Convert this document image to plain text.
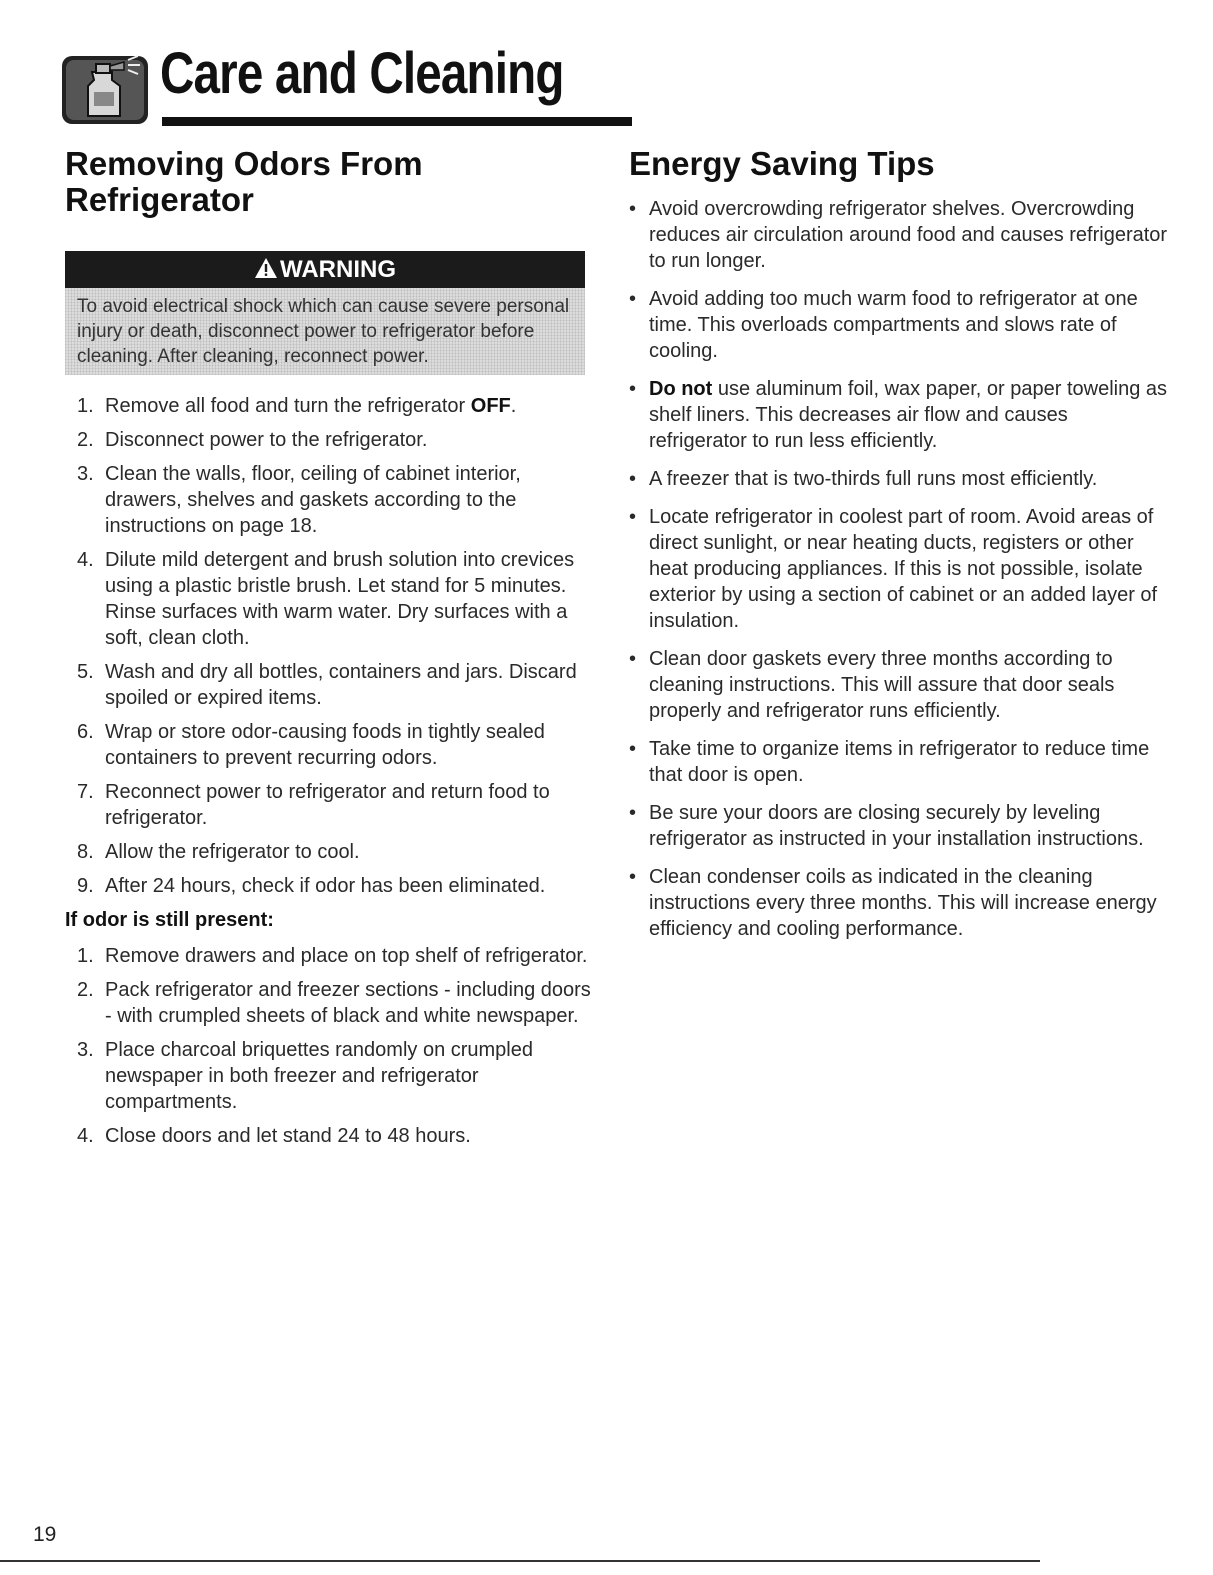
Care and Cleaning
Removing Odors From Refrigerator
WARNING
To avoid electrical shock which can cause severe personal injury or death, disconnect power to refrigerator before cleaning. After cleaning, reconnect power.
1. Remove all food and turn the refrigerator OFF.
2. Disconnect power to the refrigerator.
3. Clean the walls, floor, ceiling of cabinet interior, drawers, shelves and gaskets according to the instructions on page 18.
4. Dilute mild detergent and brush solution into crevices using a plastic bristle brush. Let stand for 5 minutes. Rinse surfaces with warm water. Dry surfaces with a soft, clean cloth.
5. Wash and dry all bottles, containers and jars. Discard spoiled or expired items.
6. Wrap or store odor-causing foods in tightly sealed containers to prevent recurring odors.
7. Reconnect power to refrigerator and return food to refrigerator.
8. Allow the refrigerator to cool.
9. After 24 hours, check if odor has been eliminated.
If odor is still present:
1. Remove drawers and place on top shelf of refrigerator.
2. Pack refrigerator and freezer sections - including doors - with crumpled sheets of black and white newspaper.
3. Place charcoal briquettes randomly on crumpled newspaper in both freezer and refrigerator compartments.
4. Close doors and let stand 24 to 48 hours.
Energy Saving Tips
• Avoid overcrowding refrigerator shelves. Overcrowding reduces air circulation around food and causes refrigerator to run longer.
• Avoid adding too much warm food to refrigerator at one time. This overloads compartments and slows rate of cooling.
• Do not use aluminum foil, wax paper, or paper toweling as shelf liners. This decreases air flow and causes refrigerator to run less efficiently.
• A freezer that is two-thirds full runs most efficiently.
• Locate refrigerator in coolest part of room. Avoid areas of direct sunlight, or near heating ducts, registers or other heat producing appliances. If this is not possible, isolate exterior by using a section of cabinet or an added layer of insulation.
• Clean door gaskets every three months according to cleaning instructions. This will assure that door seals properly and refrigerator runs efficiently.
• Take time to organize items in refrigerator to reduce time that door is open.
• Be sure your doors are closing securely by leveling refrigerator as instructed in your installation instructions.
• Clean condenser coils as indicated in the cleaning instructions every three months. This will increase energy efficiency and cooling performance.
19
